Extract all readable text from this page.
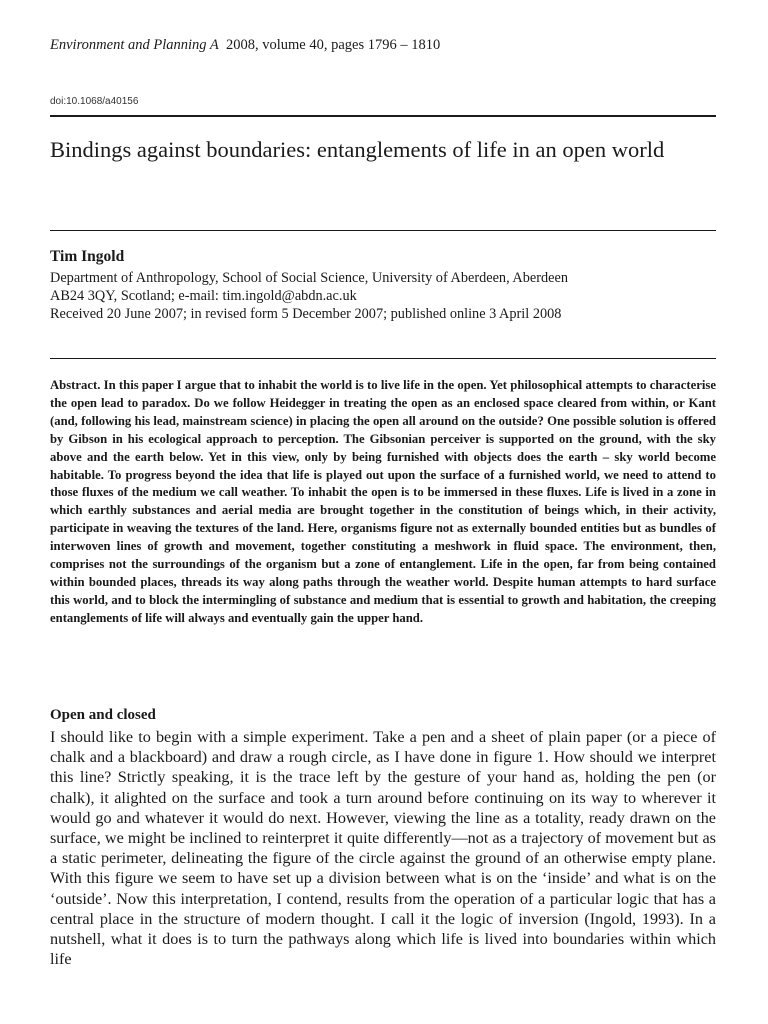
Environment and Planning A 2008, volume 40, pages 1796 – 1810
doi:10.1068/a40156
Bindings against boundaries: entanglements of life in an open world
Tim Ingold
Department of Anthropology, School of Social Science, University of Aberdeen, Aberdeen
AB24 3QY, Scotland; e-mail: tim.ingold@abdn.ac.uk
Received 20 June 2007; in revised form 5 December 2007; published online 3 April 2008

Abstract. In this paper I argue that to inhabit the world is to live life in the open. Yet philosophical attempts to characterise the open lead to paradox. Do we follow Heidegger in treating the open as an enclosed space cleared from within, or Kant (and, following his lead, mainstream science) in placing the open all around on the outside? One possible solution is offered by Gibson in his ecological approach to perception. The Gibsonian perceiver is supported on the ground, with the sky above and the earth below. Yet in this view, only by being furnished with objects does the earth – sky world become habitable. To progress beyond the idea that life is played out upon the surface of a furnished world, we need to attend to those fluxes of the medium we call weather. To inhabit the open is to be immersed in these fluxes. Life is lived in a zone in which earthly substances and aerial media are brought together in the constitution of beings which, in their activity, participate in weaving the textures of the land. Here, organisms figure not as externally bounded entities but as bundles of interwoven lines of growth and movement, together constituting a meshwork in fluid space. The environment, then, comprises not the surroundings of the organism but a zone of entanglement. Life in the open, far from being contained within bounded places, threads its way along paths through the weather world. Despite human attempts to hard surface this world, and to block the intermingling of substance and medium that is essential to growth and habitation, the creeping entanglements of life will always and eventually gain the upper hand.

Open and closed

I should like to begin with a simple experiment. Take a pen and a sheet of plain paper (or a piece of chalk and a blackboard) and draw a rough circle, as I have done in figure 1. How should we interpret this line? Strictly speaking, it is the trace left by the gesture of your hand as, holding the pen (or chalk), it alighted on the surface and took a turn around before continuing on its way to wherever it would go and whatever it would do next. However, viewing the line as a totality, ready drawn on the surface, we might be inclined to reinterpret it quite differently—not as a trajectory of movement but as a static perimeter, delineating the figure of the circle against the ground of an otherwise empty plane. With this figure we seem to have set up a division between what is on the ‘inside’ and what is on the ‘outside’. Now this interpretation, I contend, results from the operation of a particular logic that has a central place in the structure of modern thought. I call it the logic of inversion (Ingold, 1993). In a nutshell, what it does is to turn the pathways along which life is lived into boundaries within which life
